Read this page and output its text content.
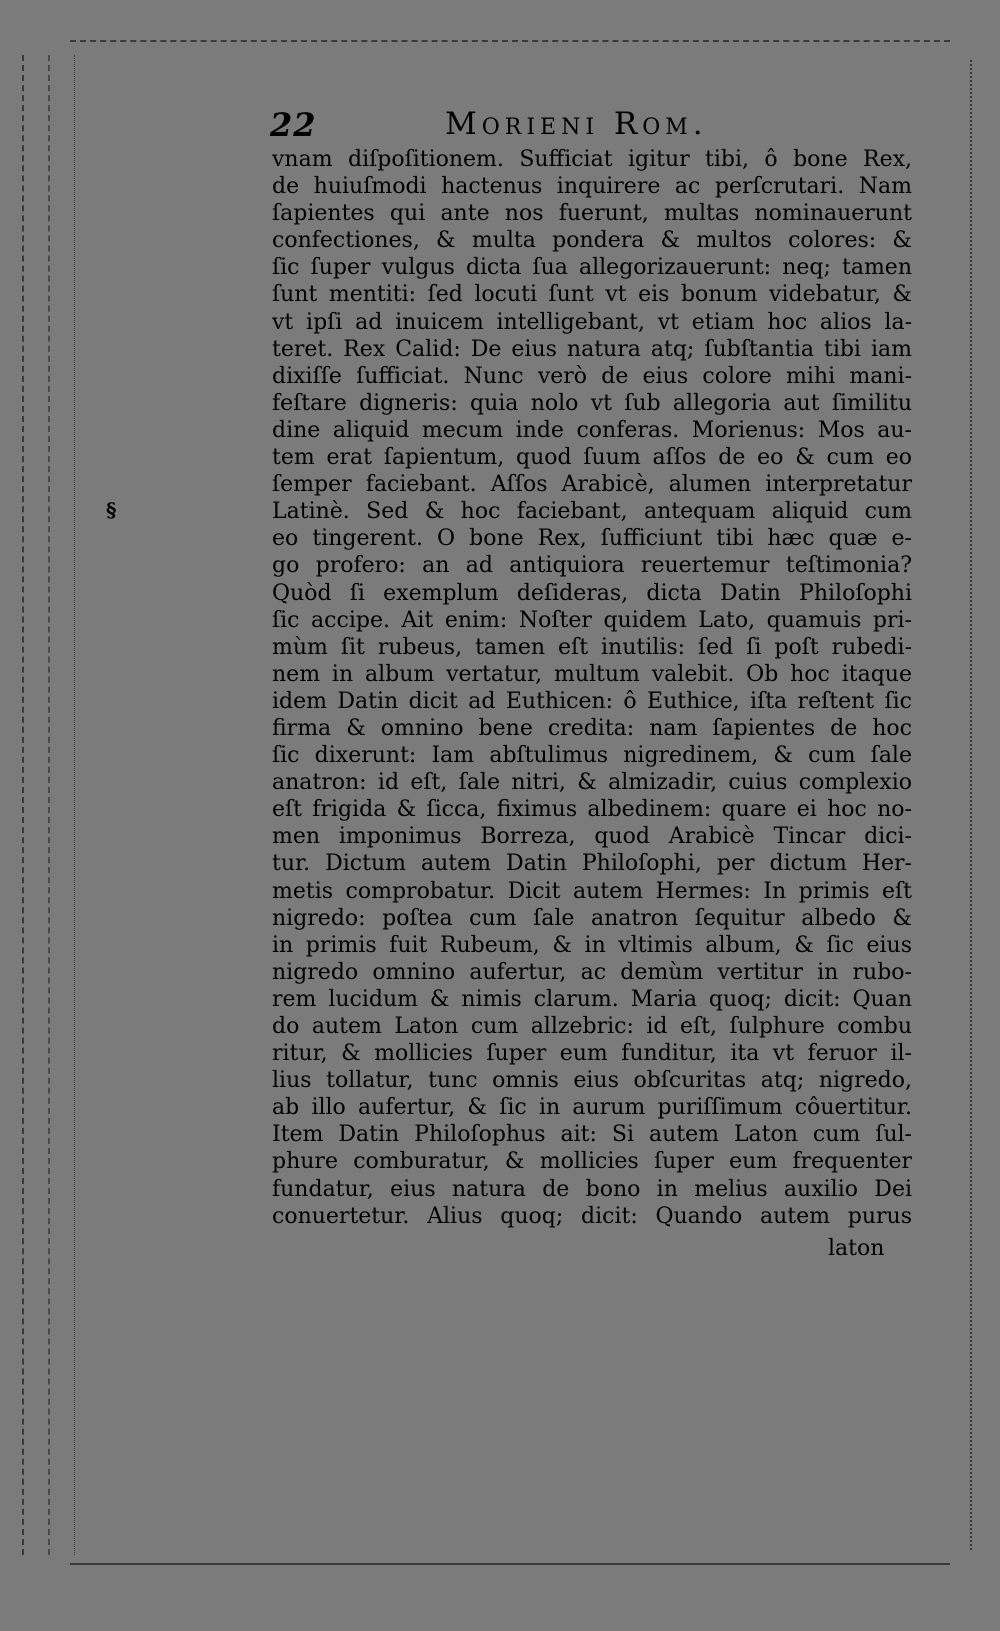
§
22	Morieni Rom.
vnam diſpoſitionem. Sufficiat igitur tibi, ô bone Rex,
de huiuſmodi hactenus inquirere ac perſcrutari. Nam
ſapientes qui ante nos fuerunt, multas nominauerunt
confectiones, & multa pondera & multos colores: &
ſic ſuper vulgus dicta ſua allegorizauerunt: neq; tamen
ſunt mentiti: ſed locuti ſunt vt eis bonum videbatur, &
vt ipſi ad inuicem intelligebant, vt etiam hoc alios la-
teret. Rex Calid: De eius natura atq; ſubſtantia tibi iam
dixiſſe ſufficiat. Nunc verò de eius colore mihi mani-
feſtare digneris: quia nolo vt ſub allegoria aut ſimilitu
dine aliquid mecum inde conferas. Morienus: Mos au-
tem erat ſapientum, quod ſuum aſſos de eo & cum eo
ſemper faciebant. Aſſos Arabicè, alumen interpretatur
Latinè. Sed & hoc faciebant, antequam aliquid cum
eo tingerent. O bone Rex, ſufficiunt tibi hæc quæ e-
go profero: an ad antiquiora reuertemur teſtimonia?
Quòd ſi exemplum deſideras, dicta Datin Philoſophi
ſic accipe. Ait enim: Noſter quidem Lato, quamuis pri-
mùm ſit rubeus, tamen eſt inutilis: ſed ſi poſt rubedi-
nem in album vertatur, multum valebit. Ob hoc itaque
idem Datin dicit ad Euthicen: ô Euthice, iſta reſtent ſic
firma & omnino bene credita: nam ſapientes de hoc
ſic dixerunt: Iam abſtulimus nigredinem, & cum ſale
anatron: id eſt, ſale nitri, & almizadir, cuius complexio
eſt frigida & ſicca, fiximus albedinem: quare ei hoc no-
men imponimus Borreza, quod Arabicè Tincar dici-
tur. Dictum autem Datin Philoſophi, per dictum Her-
metis comprobatur. Dicit autem Hermes: In primis eſt
nigredo: poſtea cum ſale anatron ſequitur albedo &
in primis fuit Rubeum, & in vltimis album, & ſic eius
nigredo omnino aufertur, ac demùm vertitur in rubo-
rem lucidum & nimis clarum. Maria quoq; dicit: Quan
do autem Laton cum allzebric: id eſt, ſulphure combu
ritur, & mollicies ſuper eum funditur, ita vt feruor il-
lius tollatur, tunc omnis eius obſcuritas atq; nigredo,
ab illo aufertur, & ſic in aurum puriſſimum côuertitur.
Item Datin Philoſophus ait: Si autem Laton cum ſul-
phure comburatur, & mollicies ſuper eum frequenter
fundatur, eius natura de bono in melius auxilio Dei
conuertetur. Alius quoq; dicit: Quando autem purus
laton
